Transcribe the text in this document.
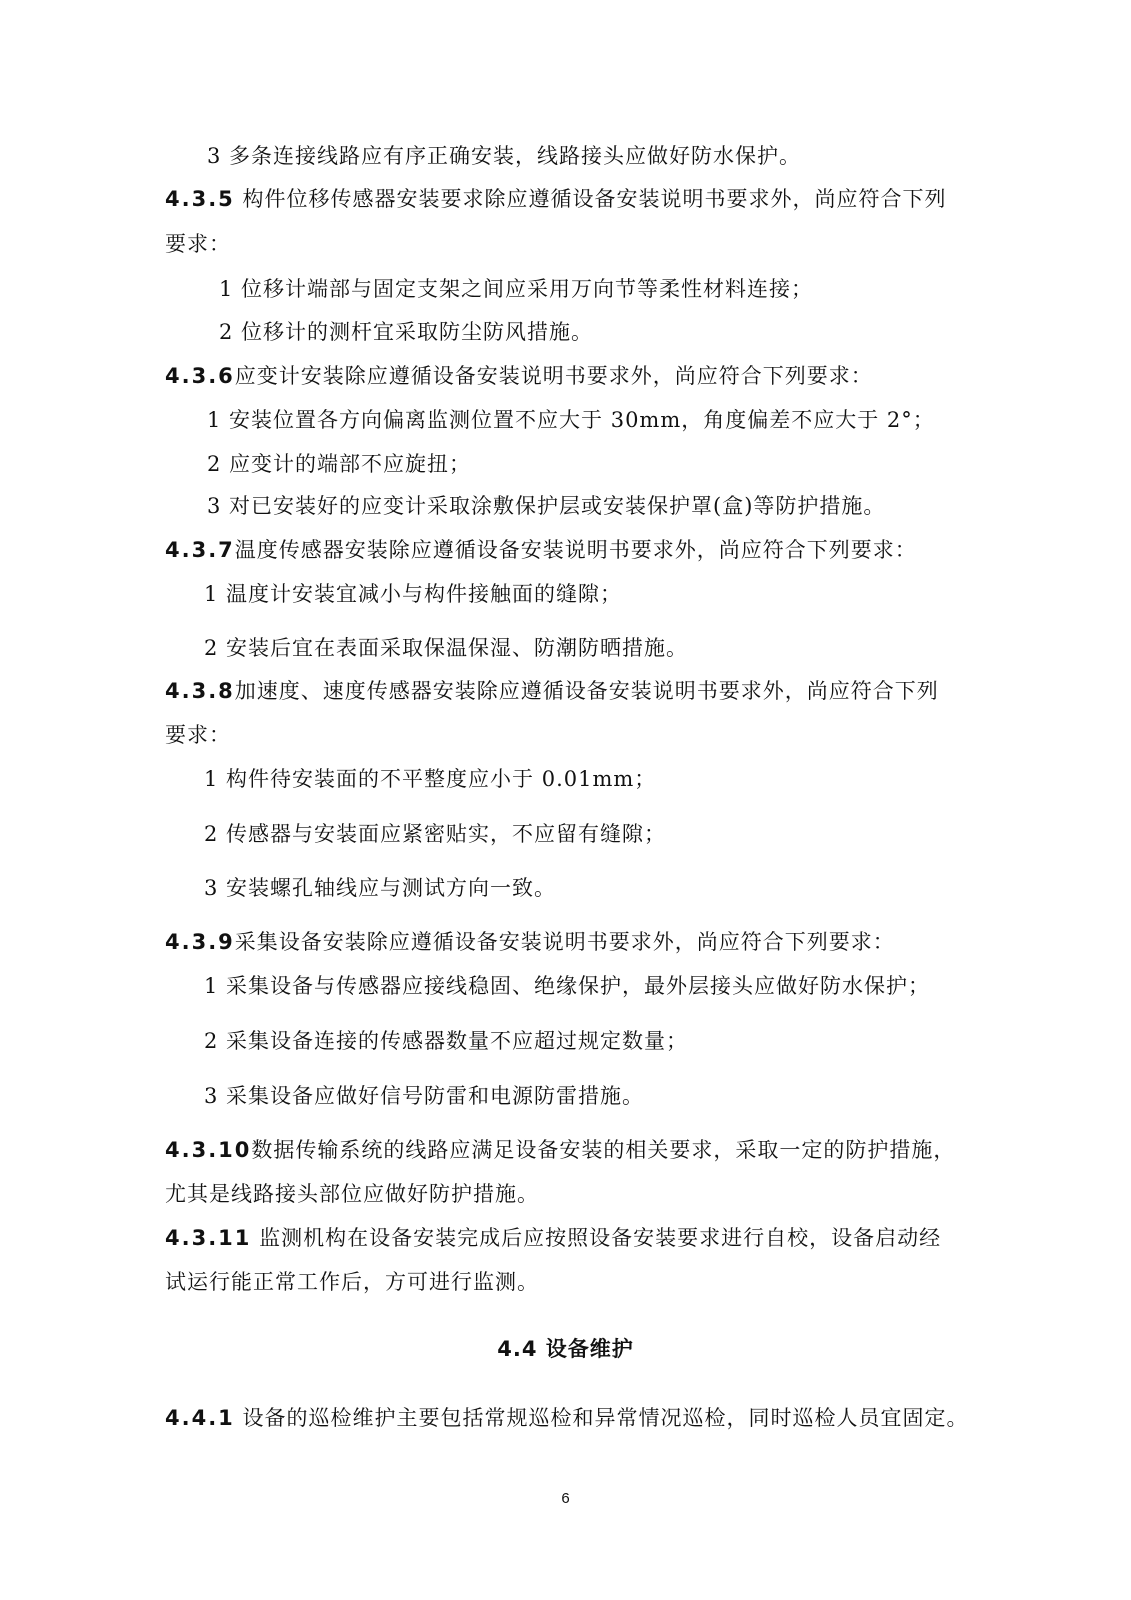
3 多条连接线路应有序正确安装，线路接头应做好防水保护。
4.3.5 构件位移传感器安装要求除应遵循设备安装说明书要求外，尚应符合下列
要求：
1 位移计端部与固定支架之间应采用万向节等柔性材料连接；
2 位移计的测杆宜采取防尘防风措施。
4.3.6应变计安装除应遵循设备安装说明书要求外，尚应符合下列要求：
1 安装位置各方向偏离监测位置不应大于 30mm，角度偏差不应大于 2°；
2 应变计的端部不应旋扭；
3 对已安装好的应变计采取涂敷保护层或安装保护罩(盒)等防护措施。
4.3.7温度传感器安装除应遵循设备安装说明书要求外，尚应符合下列要求：
1 温度计安装宜减小与构件接触面的缝隙；
2 安装后宜在表面采取保温保湿、防潮防晒措施。
4.3.8加速度、速度传感器安装除应遵循设备安装说明书要求外，尚应符合下列
要求：
1 构件待安装面的不平整度应小于 0.01mm；
2 传感器与安装面应紧密贴实，不应留有缝隙；
3 安装螺孔轴线应与测试方向一致。
4.3.9采集设备安装除应遵循设备安装说明书要求外，尚应符合下列要求：
1 采集设备与传感器应接线稳固、绝缘保护，最外层接头应做好防水保护；
2 采集设备连接的传感器数量不应超过规定数量；
3 采集设备应做好信号防雷和电源防雷措施。
4.3.10数据传输系统的线路应满足设备安装的相关要求，采取一定的防护措施，
尤其是线路接头部位应做好防护措施。
4.3.11 监测机构在设备安装完成后应按照设备安装要求进行自校，设备启动经
试运行能正常工作后，方可进行监测。
4.4 设备维护
4.4.1 设备的巡检维护主要包括常规巡检和异常情况巡检，同时巡检人员宜固定。
6
